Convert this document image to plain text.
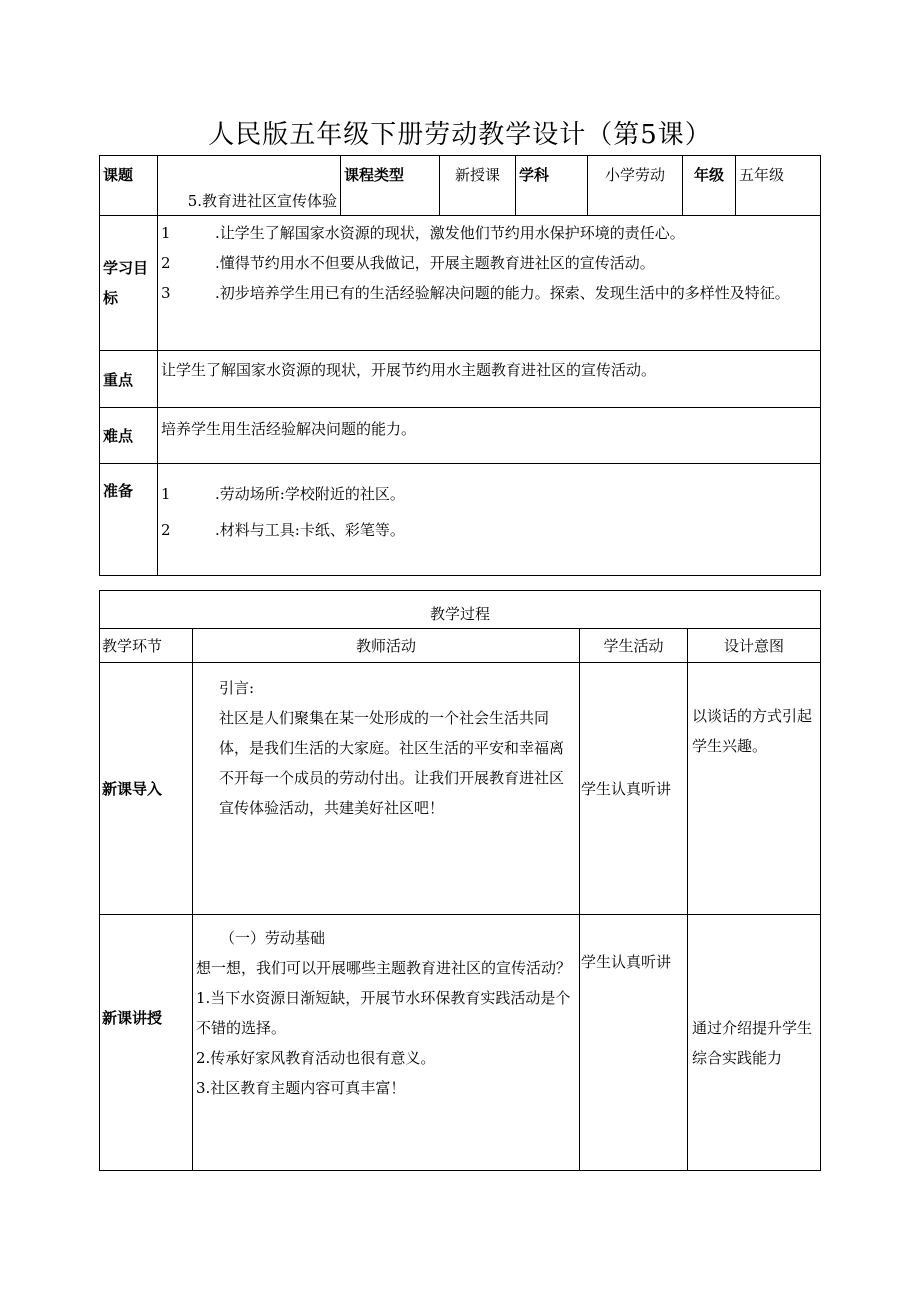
人民版五年级下册劳动教学设计（第5课）
课题	5.教育进社区宣传体验	课程类型	新授课	学科	小学劳动	年级	五年级
学习目标	1 .让学生了解国家水资源的现状，激发他们节约用水保护环境的责任心。
2 .懂得节约用水不但要从我做记，开展主题教育进社区的宣传活动。
3 .初步培养学生用已有的生活经验解决问题的能力。探索、发现生活中的多样性及特征。						

重点	让学生了解国家水资源的现状，开展节约用水主题教育进社区的宣传活动。						
难点	培养学生用生活经验解决问题的能力。						
准备	1 .劳动场所:学校附近的社区。
2 .材料与工具:卡纸、彩笔等。						
教学过程			
教学环节	教师活动	学生活动	设计意图
新课导入	引言:

社区是人们聚集在某一处形成的一个社会生活共同体，是我们生活的大家庭。社区生活的平安和幸福离不开每一个成员的劳动付出。让我们开展教育进社区宣传体验活动，共建美好社区吧！	学生认真听讲	以谈话的方式引起学生兴趣。
新课讲授	（一）劳动基础

想一想，我们可以开展哪些主题教育进社区的宣传活动？

1.当下水资源日渐短缺，开展节水环保教育实践活动是个不错的选择。

2.传承好家风教育活动也很有意义。

3.社区教育主题内容可真丰富！	学生认真听讲	通过介绍提升学生综合实践能力
